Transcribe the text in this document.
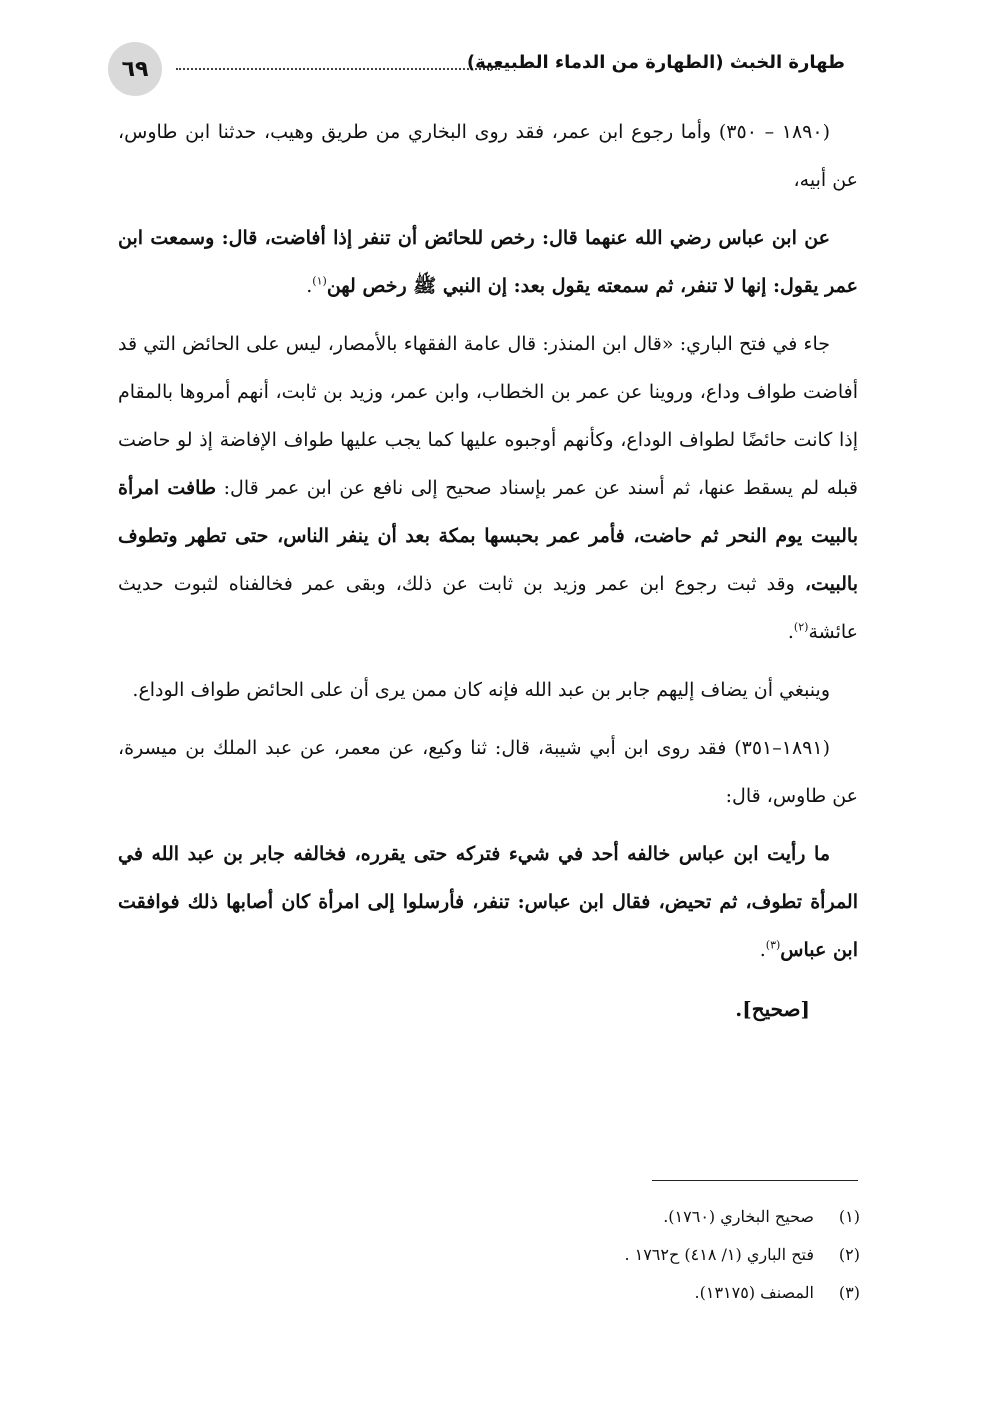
٦٩	طهارة الخبث (الطهارة من الدماء الطبيعية)

(١٨٩٠ – ٣٥٠) وأما رجوع ابن عمر، فقد روى البخاري من طريق وهيب، حدثنا ابن طاوس، عن أبيه،

عن ابن عباس رضي الله عنهما قال: رخص للحائض أن تنفر إذا أفاضت، قال: وسمعت ابن عمر يقول: إنها لا تنفر، ثم سمعته يقول بعد: إن النبي ﷺ رخص لهن$^{(١)}$.

جاء في فتح الباري: «قال ابن المنذر: قال عامة الفقهاء بالأمصار، ليس على الحائض التي قد أفاضت طواف وداع، وروينا عن عمر بن الخطاب، وابن عمر، وزيد بن ثابت، أنهم أمروها بالمقام إذا كانت حائضًا لطواف الوداع، وكأنهم أوجبوه عليها كما يجب عليها طواف الإفاضة إذ لو حاضت قبله لم يسقط عنها، ثم أسند عن عمر بإسناد صحيح إلى نافع عن ابن عمر قال: طافت امرأة بالبيت يوم النحر ثم حاضت، فأمر عمر بحبسها بمكة بعد أن ينفر الناس، حتى تطهر وتطوف بالبيت، وقد ثبت رجوع ابن عمر وزيد بن ثابت عن ذلك، وبقى عمر فخالفناه لثبوت حديث عائشة$^{(٢)}$.

وينبغي أن يضاف إليهم جابر بن عبد الله فإنه كان ممن يرى أن على الحائض طواف الوداع.

(١٨٩١–٣٥١) فقد روى ابن أبي شيبة، قال: ثنا وكيع، عن معمر، عن عبد الملك بن ميسرة، عن طاوس، قال:

ما رأيت ابن عباس خالفه أحد في شيء فتركه حتى يقرره، فخالفه جابر بن عبد الله في المرأة تطوف، ثم تحيض، فقال ابن عباس: تنفر، فأرسلوا إلى امرأة كان أصابها ذلك فوافقت ابن عباس$^{(٣)}$.

[صحيح].
(١)صحيح البخاري (١٧٦٠).
(٢)فتح الباري (١/ ٤١٨) ح١٧٦٢ .
(٣)المصنف (١٣١٧٥).
